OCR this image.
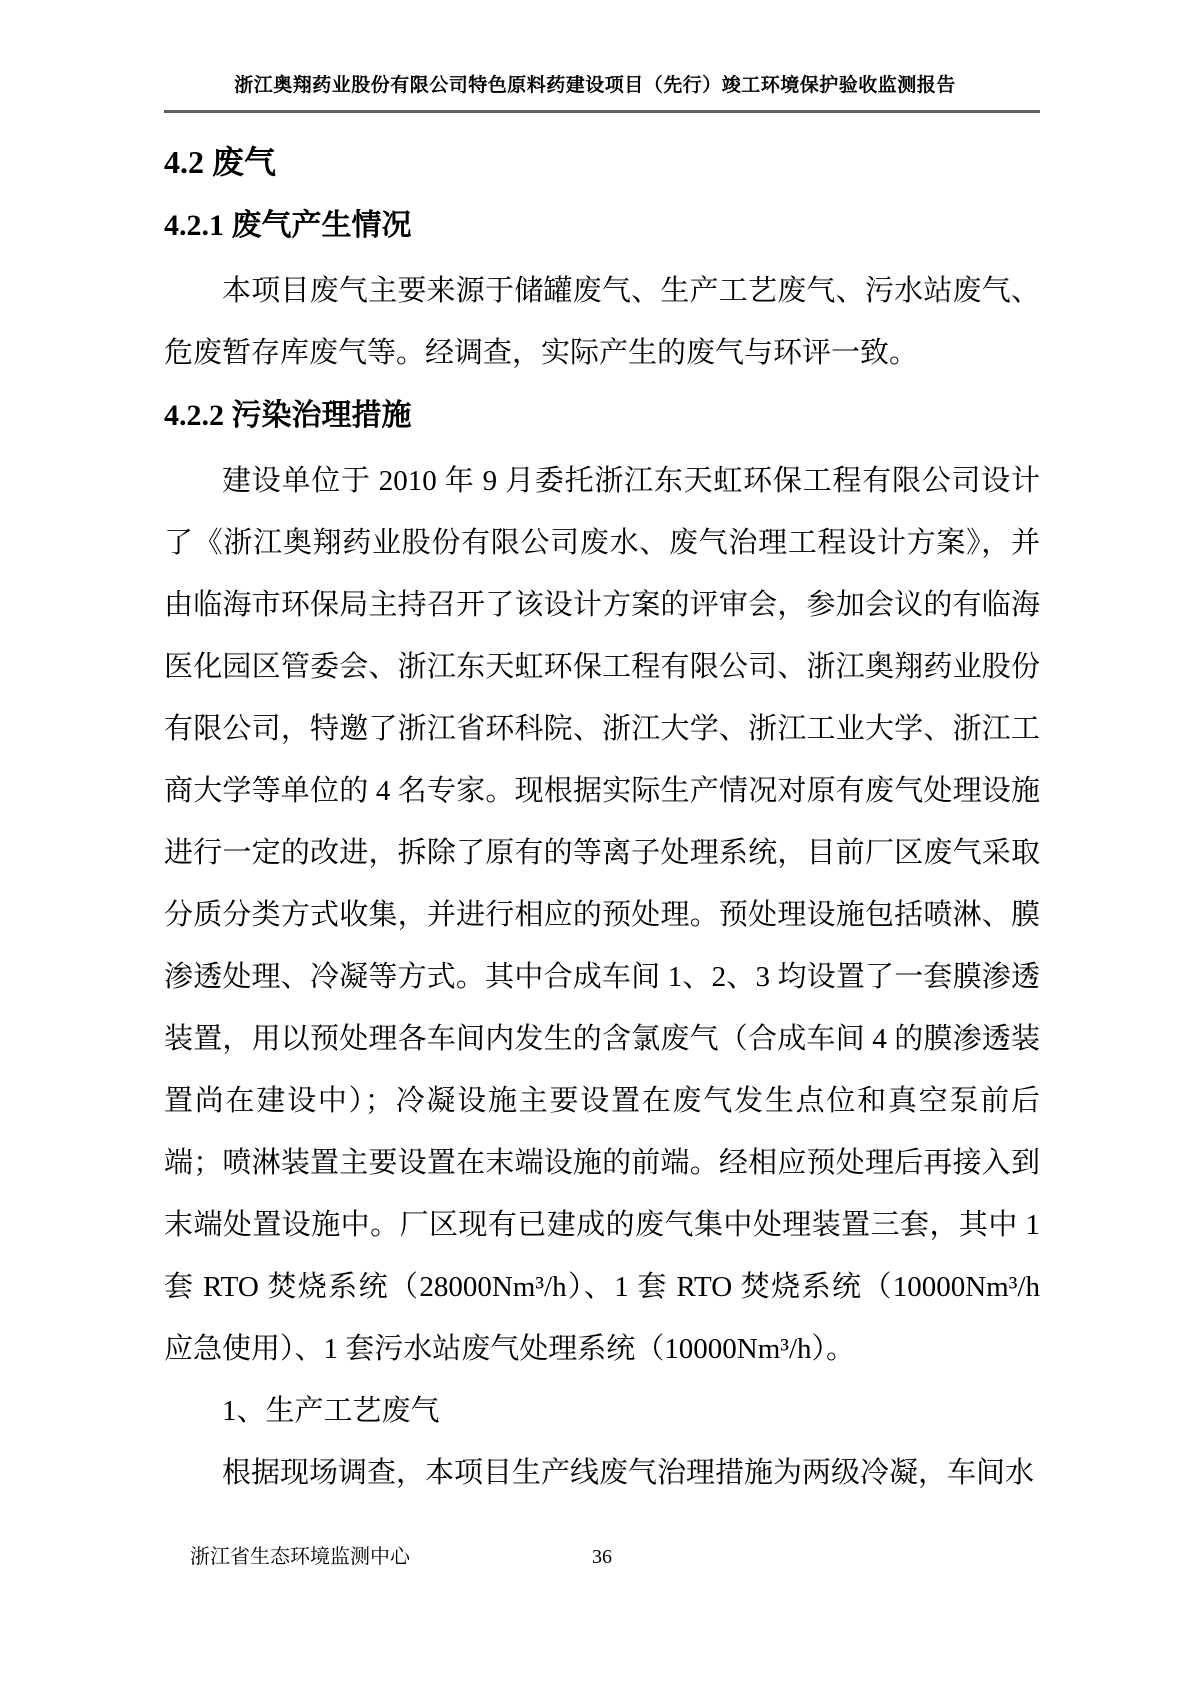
浙江奥翔药业股份有限公司特色原料药建设项目（先行）竣工环境保护验收监测报告
4.2 废气
4.2.1 废气产生情况

本项目废气主要来源于储罐废气、生产工艺废气、污水站废气、危废暂存库废气等。经调查，实际产生的废气与环评一致。

4.2.2 污染治理措施

建设单位于 2010 年 9 月委托浙江东天虹环保工程有限公司设计了《浙江奥翔药业股份有限公司废水、废气治理工程设计方案》，并由临海市环保局主持召开了该设计方案的评审会，参加会议的有临海医化园区管委会、浙江东天虹环保工程有限公司、浙江奥翔药业股份有限公司，特邀了浙江省环科院、浙江大学、浙江工业大学、浙江工商大学等单位的 4 名专家。现根据实际生产情况对原有废气处理设施进行一定的改进，拆除了原有的等离子处理系统，目前厂区废气采取分质分类方式收集，并进行相应的预处理。预处理设施包括喷淋、膜渗透处理、冷凝等方式。其中合成车间 1、2、3 均设置了一套膜渗透装置，用以预处理各车间内发生的含氯废气（合成车间 4 的膜渗透装置尚在建设中）；冷凝设施主要设置在废气发生点位和真空泵前后端；喷淋装置主要设置在末端设施的前端。经相应预处理后再接入到末端处置设施中。厂区现有已建成的废气集中处理装置三套，其中 1 套 RTO 焚烧系统（28000Nm³/h）、1 套 RTO 焚烧系统（10000Nm³/h 应急使用）、1 套污水站废气处理系统（10000Nm³/h）。

1、生产工艺废气

根据现场调查，本项目生产线废气治理措施为两级冷凝，车间水

浙江省生态环境监测中心	36
